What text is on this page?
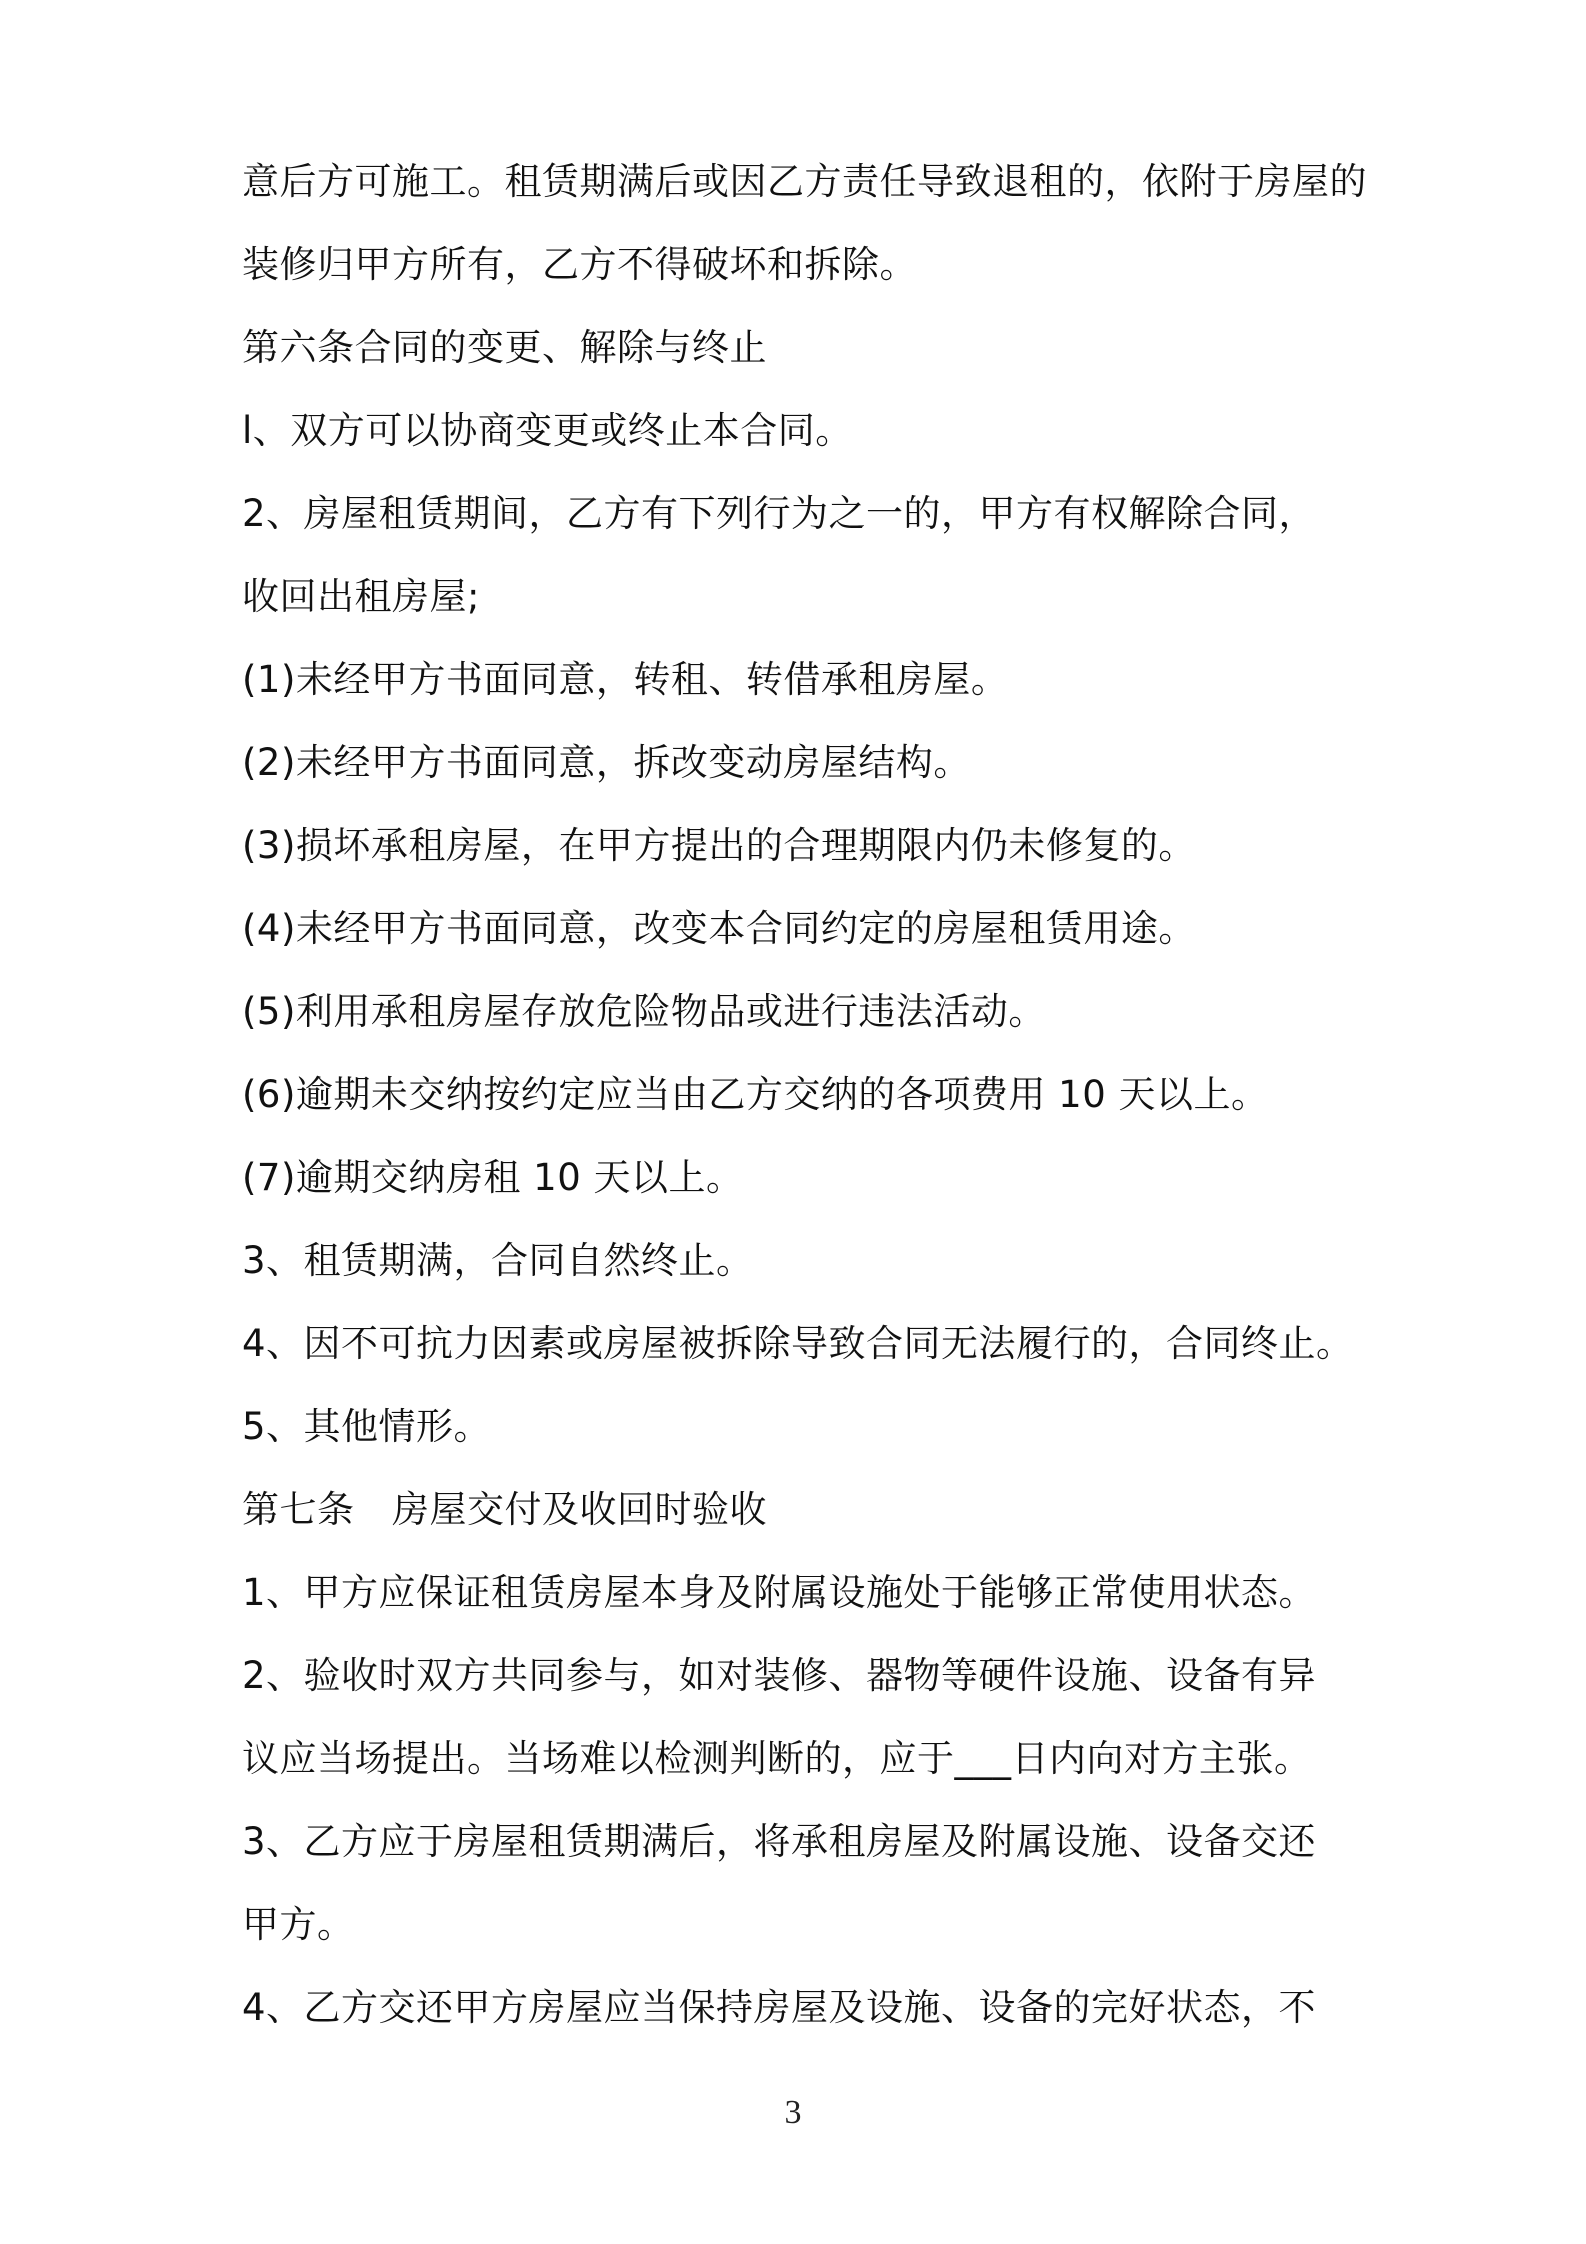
意后方可施工。租赁期满后或因乙方责任导致退租的，依附于房屋的
装修归甲方所有，乙方不得破坏和拆除。
第六条合同的变更、解除与终止
l、双方可以协商变更或终止本合同。
2、房屋租赁期间，乙方有下列行为之一的，甲方有权解除合同，
收回出租房屋;
(1)未经甲方书面同意，转租、转借承租房屋。
(2)未经甲方书面同意，拆改变动房屋结构。
(3)损坏承租房屋，在甲方提出的合理期限内仍未修复的。
(4)未经甲方书面同意，改变本合同约定的房屋租赁用途。
(5)利用承租房屋存放危险物品或进行违法活动。
(6)逾期未交纳按约定应当由乙方交纳的各项费用 10 天以上。
(7)逾期交纳房租 10 天以上。
3、租赁期满，合同自然终止。
4、因不可抗力因素或房屋被拆除导致合同无法履行的，合同终止。
5、其他情形。
第七条　房屋交付及收回时验收
1、甲方应保证租赁房屋本身及附属设施处于能够正常使用状态。
2、验收时双方共同参与，如对装修、器物等硬件设施、设备有异
议应当场提出。当场难以检测判断的，应于___日内向对方主张。
3、乙方应于房屋租赁期满后，将承租房屋及附属设施、设备交还
甲方。
4、乙方交还甲方房屋应当保持房屋及设施、设备的完好状态，不
3
